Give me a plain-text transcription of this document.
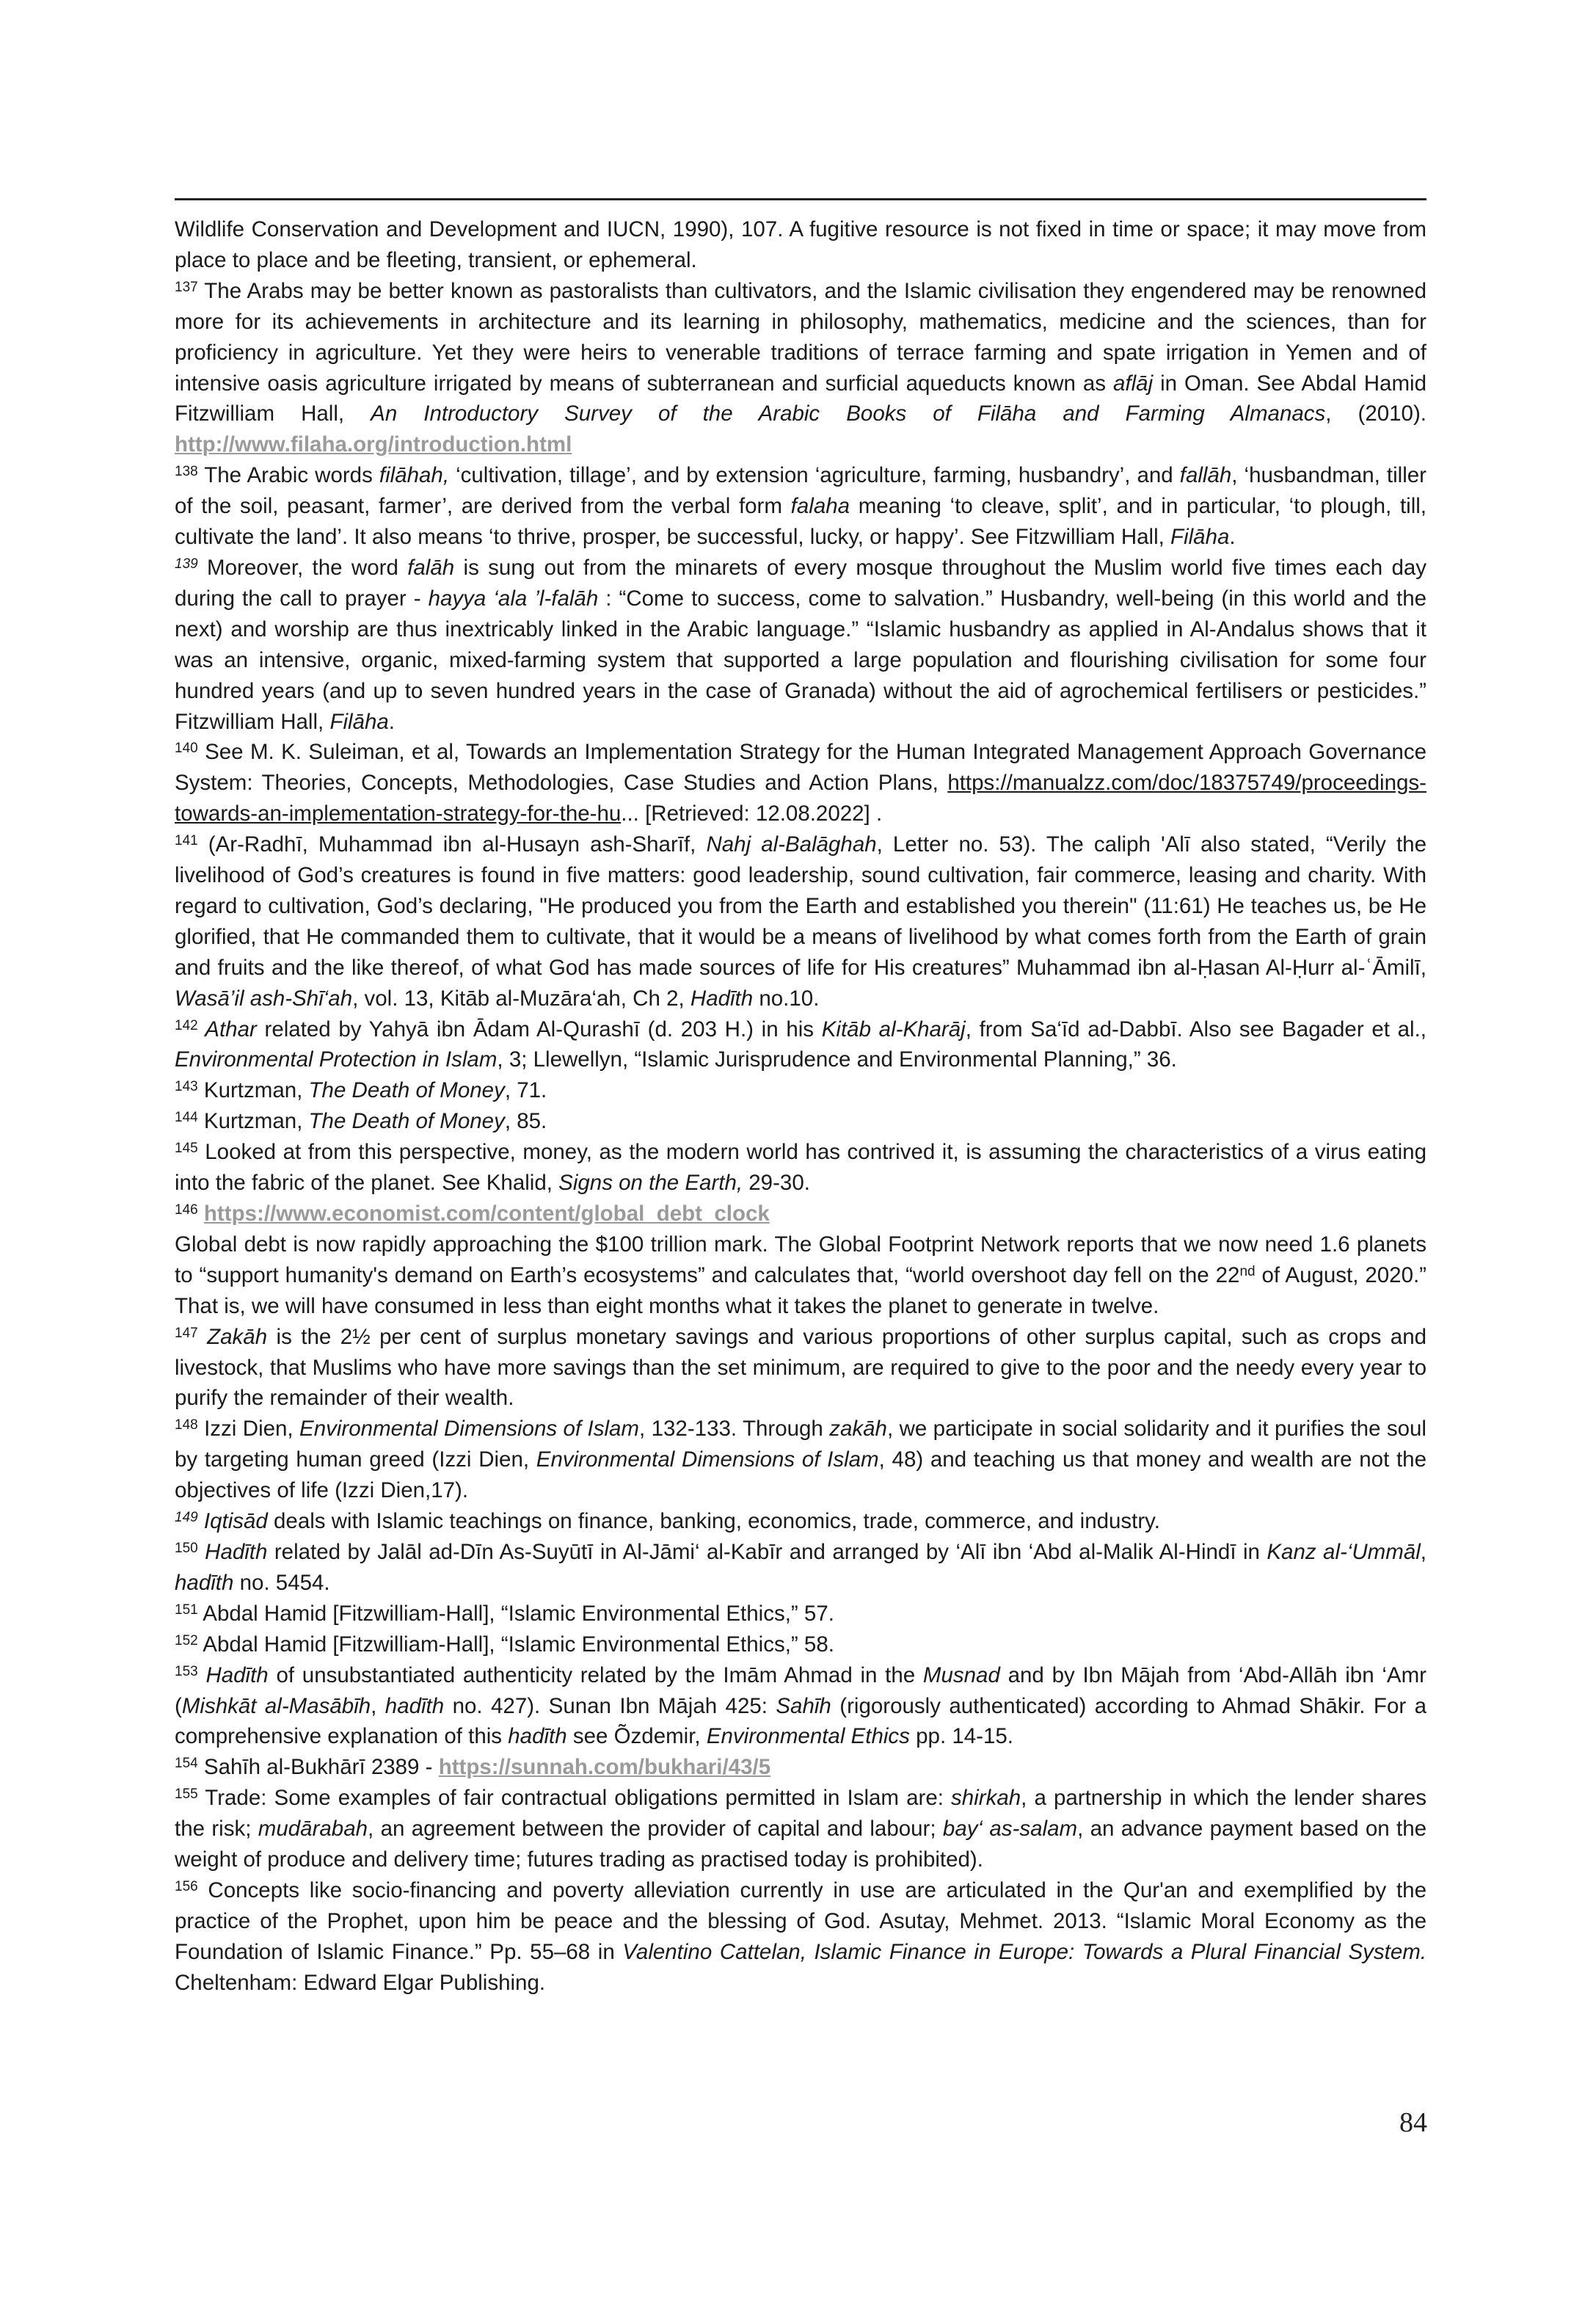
Wildlife Conservation and Development and IUCN, 1990), 107. A fugitive resource is not fixed in time or space; it may move from place to place and be fleeting, transient, or ephemeral.

$^{137}$ The Arabs may be better known as pastoralists than cultivators, and the Islamic civilisation they engendered may be renowned more for its achievements in architecture and its learning in philosophy, mathematics, medicine and the sciences, than for proficiency in agriculture. Yet they were heirs to venerable traditions of terrace farming and spate irrigation in Yemen and of intensive oasis agriculture irrigated by means of subterranean and surficial aqueducts known as aflāj in Oman. See Abdal Hamid Fitzwilliam Hall, An Introductory Survey of the Arabic Books of Filāha and Farming Almanacs, (2010). http://www.filaha.org/introduction.html

$^{138}$ The Arabic words filāhah, ‘cultivation, tillage’, and by extension ‘agriculture, farming, husbandry’, and fallāh, ‘husbandman, tiller of the soil, peasant, farmer’, are derived from the verbal form falaha meaning ‘to cleave, split’, and in particular, ‘to plough, till, cultivate the land’. It also means ‘to thrive, prosper, be successful, lucky, or happy’. See Fitzwilliam Hall, Filāha.

$^{139}$ Moreover, the word falāh is sung out from the minarets of every mosque throughout the Muslim world five times each day during the call to prayer - hayya ‘ala ’l-falāh : “Come to success, come to salvation.” Husbandry, well-being (in this world and the next) and worship are thus inextricably linked in the Arabic language.” “Islamic husbandry as applied in Al-Andalus shows that it was an intensive, organic, mixed-farming system that supported a large population and flourishing civilisation for some four hundred years (and up to seven hundred years in the case of Granada) without the aid of agrochemical fertilisers or pesticides.” Fitzwilliam Hall, Filāha.

$^{140}$ See M. K. Suleiman, et al, Towards an Implementation Strategy for the Human Integrated Management Approach Governance System: Theories, Concepts, Methodologies, Case Studies and Action Plans, https://manualzz.com/doc/18375749/proceedings-towards-an-implementation-strategy-for-the-hu... [Retrieved: 12.08.2022] .

$^{141}$ (Ar-Radhī, Muhammad ibn al-Husayn ash-Sharīf, Nahj al-Balāghah, Letter no. 53). The caliph 'Alī also stated, “Verily the livelihood of God’s creatures is found in five matters: good leadership, sound cultivation, fair commerce, leasing and charity. With regard to cultivation, God’s declaring, "He produced you from the Earth and established you therein" (11:61) He teaches us, be He glorified, that He commanded them to cultivate, that it would be a means of livelihood by what comes forth from the Earth of grain and fruits and the like thereof, of what God has made sources of life for His creatures” Muhammad ibn al-Ḥasan Al-Ḥurr al-ʿĀmilī, Wasā’il ash-Shī‘ah, vol. 13, Kitāb al-Muzāra‘ah, Ch 2, Hadīth no.10.

$^{142}$ Athar related by Yahyā ibn Ādam Al-Qurashī (d. 203 H.) in his Kitāb al-Kharāj, from Sa‘īd ad-Dabbī. Also see Bagader et al., Environmental Protection in Islam, 3; Llewellyn, “Islamic Jurisprudence and Environmental Planning,” 36.

$^{143}$ Kurtzman, The Death of Money, 71.

$^{144}$ Kurtzman, The Death of Money, 85.

$^{145}$ Looked at from this perspective, money, as the modern world has contrived it, is assuming the characteristics of a virus eating into the fabric of the planet. See Khalid, Signs on the Earth, 29-30.

$^{146}$ https://www.economist.com/content/global_debt_clock
Global debt is now rapidly approaching the $100 trillion mark. The Global Footprint Network reports that we now need 1.6 planets to “support humanity's demand on Earth’s ecosystems” and calculates that, “world overshoot day fell on the 22nd of August, 2020.” That is, we will have consumed in less than eight months what it takes the planet to generate in twelve.

$^{147}$ Zakāh is the 2½ per cent of surplus monetary savings and various proportions of other surplus capital, such as crops and livestock, that Muslims who have more savings than the set minimum, are required to give to the poor and the needy every year to purify the remainder of their wealth.

$^{148}$ Izzi Dien, Environmental Dimensions of Islam, 132-133. Through zakāh, we participate in social solidarity and it purifies the soul by targeting human greed (Izzi Dien, Environmental Dimensions of Islam, 48) and teaching us that money and wealth are not the objectives of life (Izzi Dien,17).

$^{149}$ Iqtisād deals with Islamic teachings on finance, banking, economics, trade, commerce, and industry.

$^{150}$ Hadīth related by Jalāl ad-Dīn As-Suyūtī in Al-Jāmi‘ al-Kabīr and arranged by ‘Alī ibn ‘Abd al-Malik Al-Hindī in Kanz al-‘Ummāl, hadīth no. 5454.

$^{151}$ Abdal Hamid [Fitzwilliam-Hall], “Islamic Environmental Ethics,” 57.

$^{152}$ Abdal Hamid [Fitzwilliam-Hall], “Islamic Environmental Ethics,” 58.

$^{153}$ Hadīth of unsubstantiated authenticity related by the Imām Ahmad in the Musnad and by Ibn Mājah from ‘Abd-Allāh ibn ‘Amr (Mishkāt al-Masābīh, hadīth no. 427). Sunan Ibn Mājah 425: Sahīh (rigorously authenticated) according to Ahmad Shākir. For a comprehensive explanation of this hadīth see Õzdemir, Environmental Ethics pp. 14-15.

$^{154}$ Sahīh al-Bukhārī 2389 - https://sunnah.com/bukhari/43/5

$^{155}$ Trade: Some examples of fair contractual obligations permitted in Islam are: shirkah, a partnership in which the lender shares the risk; mudārabah, an agreement between the provider of capital and labour; bay‘ as-salam, an advance payment based on the weight of produce and delivery time; futures trading as practised today is prohibited).

$^{156}$ Concepts like socio-financing and poverty alleviation currently in use are articulated in the Qur'an and exemplified by the practice of the Prophet, upon him be peace and the blessing of God. Asutay, Mehmet. 2013. “Islamic Moral Economy as the Foundation of Islamic Finance.” Pp. 55–68 in Valentino Cattelan, Islamic Finance in Europe: Towards a Plural Financial System. Cheltenham: Edward Elgar Publishing.

84
